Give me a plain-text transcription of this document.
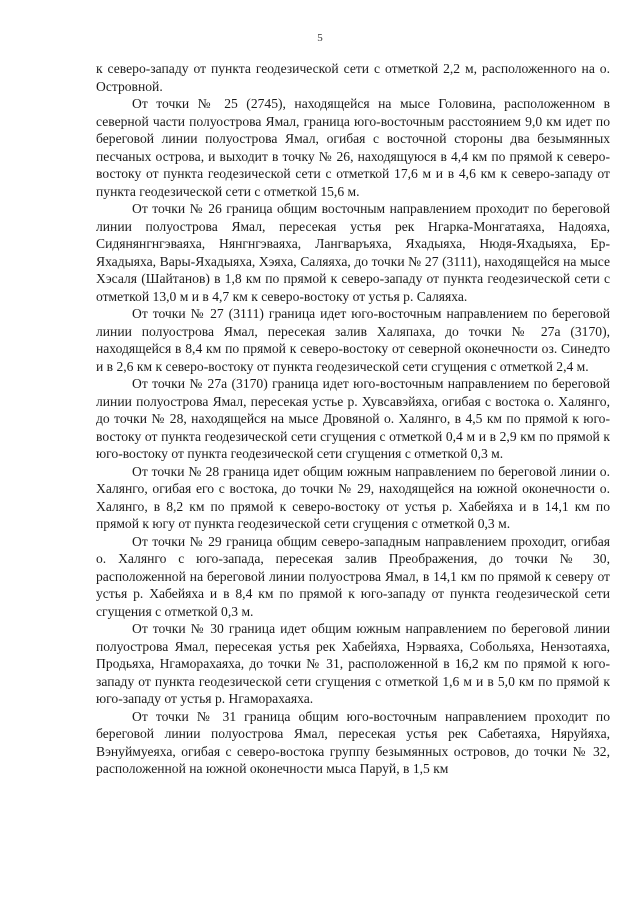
5

к северо-западу от пункта геодезической сети с отметкой 2,2 м, расположенного на о. Островной.

От точки № 25 (2745), находящейся на мысе Головина, расположенном в северной части полуострова Ямал, граница юго-восточным расстоянием 9,0 км идет по береговой линии полуострова Ямал, огибая с восточной стороны два безымянных песчаных острова, и выходит в точку № 26, находящуюся в 4,4 км по прямой к северо-востоку от пункта геодезической сети с отметкой 17,6 м и в 4,6 км к северо-западу от пункта геодезической сети с отметкой 15,6 м.

От точки № 26 граница общим восточным направлением проходит по береговой линии полуострова Ямал, пересекая устья рек Нгарка-Монгатаяха, Надояха, Сидянянгнгэваяха, Нянгнгэваяха, Лангваръяха, Яхадыяха, Нюдя-Яхадыяха, Ер-Яхадыяха, Вары-Яхадыяха, Хэяха, Саляяха, до точки № 27 (3111), находящейся на мысе Хэсаля (Шайтанов) в 1,8 км по прямой к северо-западу от пункта геодезической сети с отметкой 13,0 м и в 4,7 км к северо-востоку от устья р. Саляяха.

От точки № 27 (3111) граница идет юго-восточным направлением по береговой линии полуострова Ямал, пересекая залив Халяпаха, до точки № 27а (3170), находящейся в 8,4 км по прямой к северо-востоку от северной оконечности оз. Синедто и в 2,6 км к северо-востоку от пункта геодезической сети сгущения с отметкой 2,4 м.

От точки № 27а (3170) граница идет юго-восточным направлением по береговой линии полуострова Ямал, пересекая устье р. Хувсавэйяха, огибая с востока о. Халянго, до точки № 28, находящейся на мысе Дровяной о. Халянго, в 4,5 км по прямой к юго-востоку от пункта геодезической сети сгущения с отметкой 0,4 м и в 2,9 км по прямой к юго-востоку от пункта геодезической сети сгущения с отметкой 0,3 м.

От точки № 28 граница идет общим южным направлением по береговой линии о. Халянго, огибая его с востока, до точки № 29, находящейся на южной оконечности о. Халянго, в 8,2 км по прямой к северо-востоку от устья р. Хабейяха и в 14,1 км по прямой к югу от пункта геодезической сети сгущения с отметкой 0,3 м.

От точки № 29 граница общим северо-западным направлением проходит, огибая о. Халянго с юго-запада, пересекая залив Преображения, до точки № 30, расположенной на береговой линии полуострова Ямал, в 14,1 км по прямой к северу от устья р. Хабейяха и в 8,4 км по прямой к юго-западу от пункта геодезической сети сгущения с отметкой 0,3 м.

От точки № 30 граница идет общим южным направлением по береговой линии полуострова Ямал, пересекая устья рек Хабейяха, Нэрваяха, Собольяха, Нензотаяха, Продьяха, Нгаморахаяха, до точки № 31, расположенной в 16,2 км по прямой к юго-западу от пункта геодезической сети сгущения с отметкой 1,6 м и в 5,0 км по прямой к юго-западу от устья р. Нгаморахаяха.

От точки № 31 граница общим юго-восточным направлением проходит по береговой линии полуострова Ямал, пересекая устья рек Сабетаяха, Няруйяха, Вэнуймуеяха, огибая с северо-востока группу безымянных островов, до точки № 32, расположенной на южной оконечности мыса Паруй, в 1,5 км
